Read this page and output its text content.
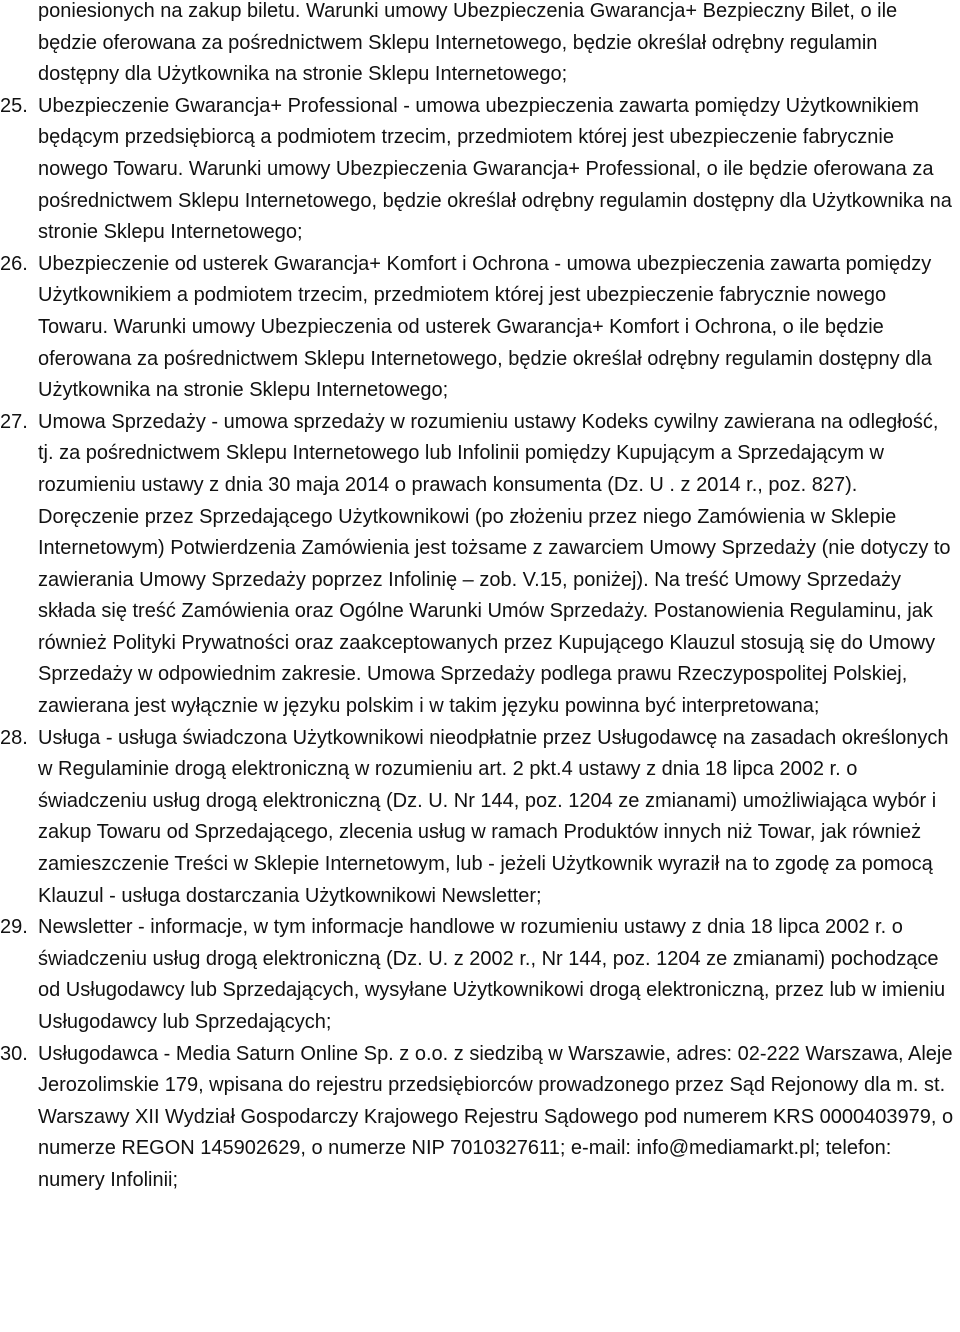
poniesionych na zakup biletu. Warunki umowy Ubezpieczenia Gwarancja+ Bezpieczny Bilet, o ile będzie oferowana za pośrednictwem Sklepu Internetowego, będzie określał odrębny regulamin dostępny dla Użytkownika na stronie Sklepu Internetowego;

25. Ubezpieczenie Gwarancja+ Professional - umowa ubezpieczenia zawarta pomiędzy Użytkownikiem będącym przedsiębiorcą a podmiotem trzecim, przedmiotem której jest ubezpieczenie fabrycznie nowego Towaru. Warunki umowy Ubezpieczenia Gwarancja+ Professional, o ile będzie oferowana za pośrednictwem Sklepu Internetowego, będzie określał odrębny regulamin dostępny dla Użytkownika na stronie Sklepu Internetowego;
26. Ubezpieczenie od usterek Gwarancja+ Komfort i Ochrona - umowa ubezpieczenia zawarta pomiędzy Użytkownikiem a podmiotem trzecim, przedmiotem której jest ubezpieczenie fabrycznie nowego Towaru. Warunki umowy Ubezpieczenia od usterek Gwarancja+ Komfort i Ochrona, o ile będzie oferowana za pośrednictwem Sklepu Internetowego, będzie określał odrębny regulamin dostępny dla Użytkownika na stronie Sklepu Internetowego;
27. Umowa Sprzedaży - umowa sprzedaży w rozumieniu ustawy Kodeks cywilny zawierana na odległość, tj. za pośrednictwem Sklepu Internetowego lub Infolinii pomiędzy Kupującym a Sprzedającym w rozumieniu ustawy z dnia 30 maja 2014 o prawach konsumenta (Dz. U . z 2014 r., poz. 827). Doręczenie przez Sprzedającego Użytkownikowi (po złożeniu przez niego Zamówienia w Sklepie Internetowym) Potwierdzenia Zamówienia jest tożsame z zawarciem Umowy Sprzedaży (nie dotyczy to zawierania Umowy Sprzedaży poprzez Infolinię – zob. V.15, poniżej). Na treść Umowy Sprzedaży składa się treść Zamówienia oraz Ogólne Warunki Umów Sprzedaży. Postanowienia Regulaminu, jak również Polityki Prywatności oraz zaakceptowanych przez Kupującego Klauzul stosują się do Umowy Sprzedaży w odpowiednim zakresie. Umowa Sprzedaży podlega prawu Rzeczypospolitej Polskiej, zawierana jest wyłącznie w języku polskim i w takim języku powinna być interpretowana;
28. Usługa - usługa świadczona Użytkownikowi nieodpłatnie przez Usługodawcę na zasadach określonych w Regulaminie drogą elektroniczną w rozumieniu art. 2 pkt.4 ustawy z dnia 18 lipca 2002 r. o świadczeniu usług drogą elektroniczną (Dz. U. Nr 144, poz. 1204 ze zmianami) umożliwiająca wybór i zakup Towaru od Sprzedającego, zlecenia usług w ramach Produktów innych niż Towar, jak również zamieszczenie Treści w Sklepie Internetowym, lub - jeżeli Użytkownik wyraził na to zgodę za pomocą Klauzul - usługa dostarczania Użytkownikowi Newsletter;
29. Newsletter - informacje, w tym informacje handlowe w rozumieniu ustawy z dnia 18 lipca 2002 r. o świadczeniu usług drogą elektroniczną (Dz. U. z 2002 r., Nr 144, poz. 1204 ze zmianami) pochodzące od Usługodawcy lub Sprzedających, wysyłane Użytkownikowi drogą elektroniczną, przez lub w imieniu Usługodawcy lub Sprzedających;
30. Usługodawca - Media Saturn Online Sp. z o.o. z siedzibą w Warszawie, adres: 02-222 Warszawa, Aleje Jerozolimskie 179, wpisana do rejestru przedsiębiorców prowadzonego przez Sąd Rejonowy dla m. st. Warszawy XII Wydział Gospodarczy Krajowego Rejestru Sądowego pod numerem KRS 0000403979, o numerze REGON 145902629, o numerze NIP 7010327611; e-mail: info@mediamarkt.pl; telefon: numery Infolinii;
